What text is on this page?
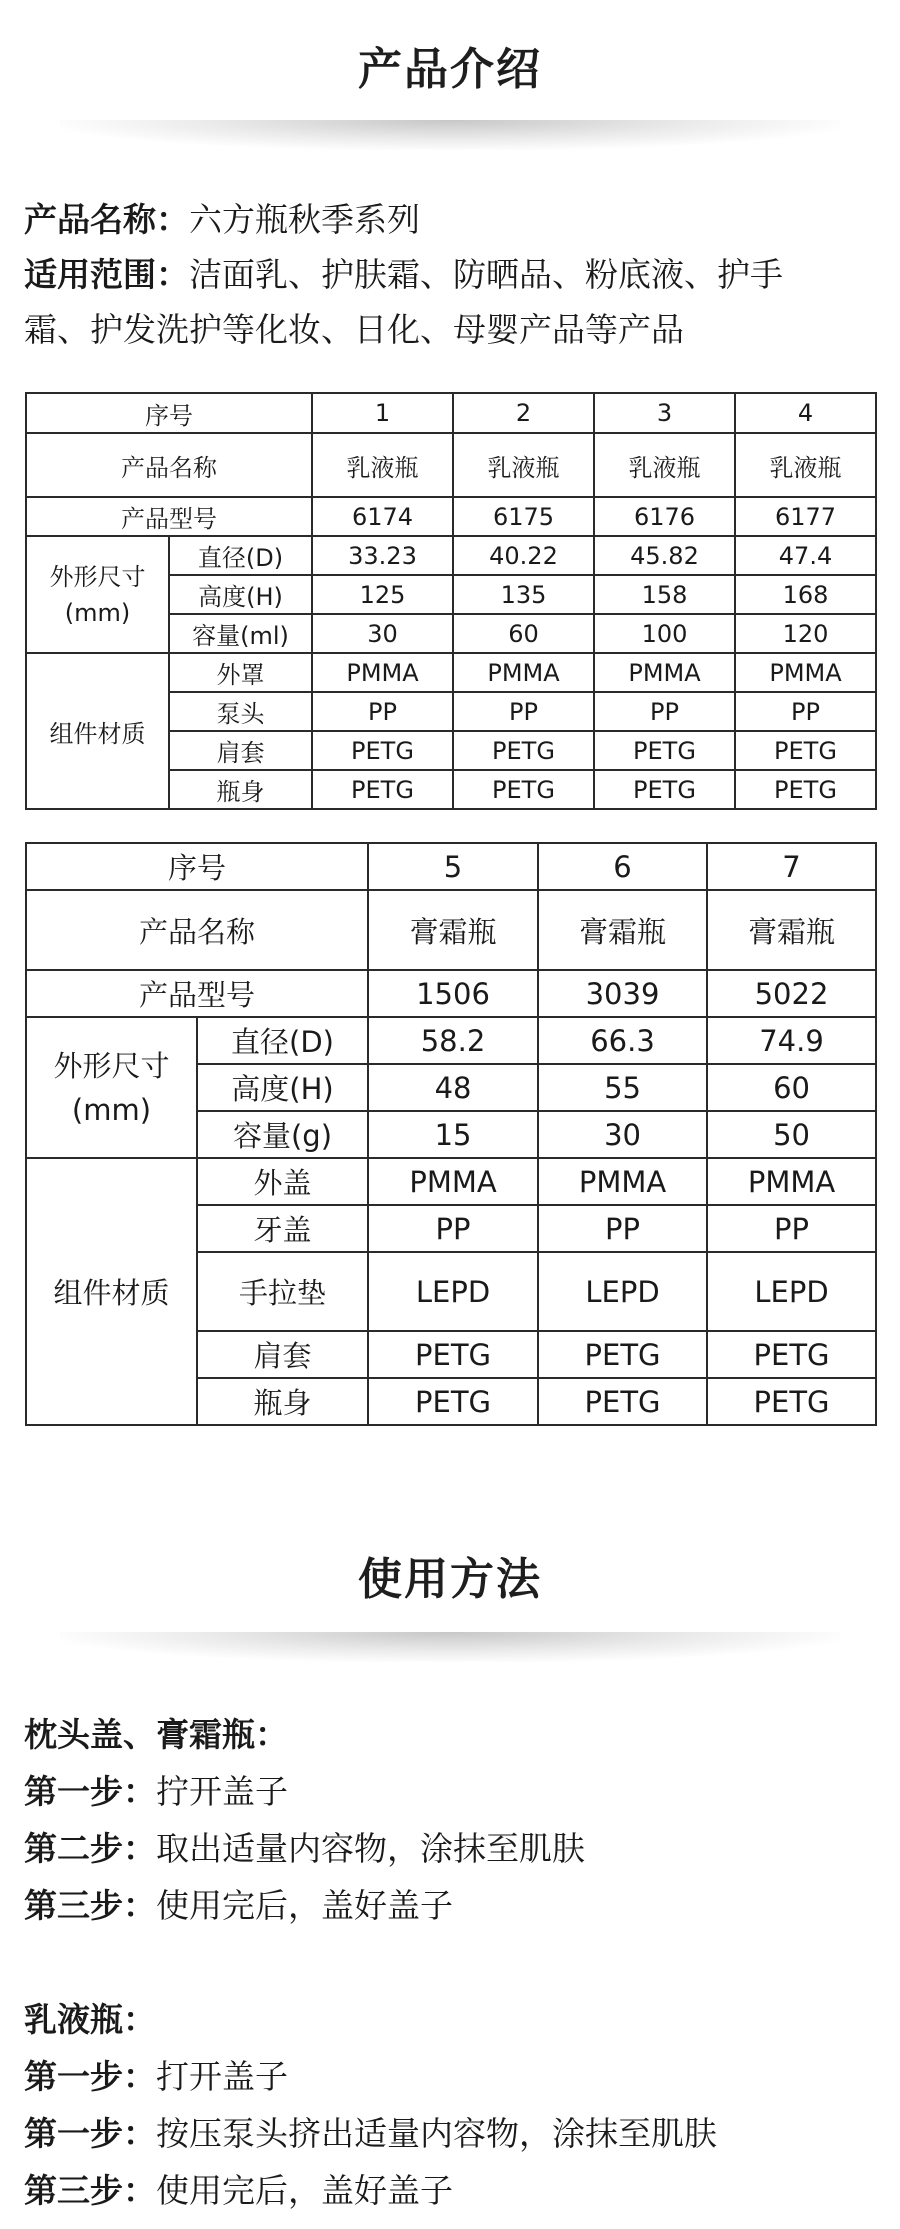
产品介绍
产品名称：六方瓶秋季系列
适用范围：洁面乳、护肤霜、防晒品、粉底液、护手
霜、护发洗护等化妆、日化、母婴产品等产品
序号		1	2	3	4
产品名称		乳液瓶	乳液瓶	乳液瓶	乳液瓶
产品型号		6174	6175	6176	6177

外形尺寸
(mm)	直径(D)	33.23	40.22	45.82	47.4
	高度(H)	125	135	158	168
	容量(ml)	30	60	100	120
组件材质	外罩	PMMA	PMMA	PMMA	PMMA
	泵头	PP	PP	PP	PP
	肩套	PETG	PETG	PETG	PETG
	瓶身	PETG	PETG	PETG	PETG
序号		5	6	7
产品名称		膏霜瓶	膏霜瓶	膏霜瓶
产品型号		1506	3039	5022

外形尺寸
(mm)	直径(D)	58.2	66.3	74.9
	高度(H)	48	55	60
	容量(g)	15	30	50
组件材质	外盖	PMMA	PMMA	PMMA
	牙盖	PP	PP	PP
	手拉垫	LEPD	LEPD	LEPD
	肩套	PETG	PETG	PETG
	瓶身	PETG	PETG	PETG
使用方法
枕头盖、膏霜瓶：
第一步：拧开盖子
第二步：取出适量内容物，涂抹至肌肤
第三步：使用完后，盖好盖子
乳液瓶：
第一步：打开盖子
第一步：按压泵头挤出适量内容物，涂抹至肌肤
第三步：使用完后，盖好盖子
